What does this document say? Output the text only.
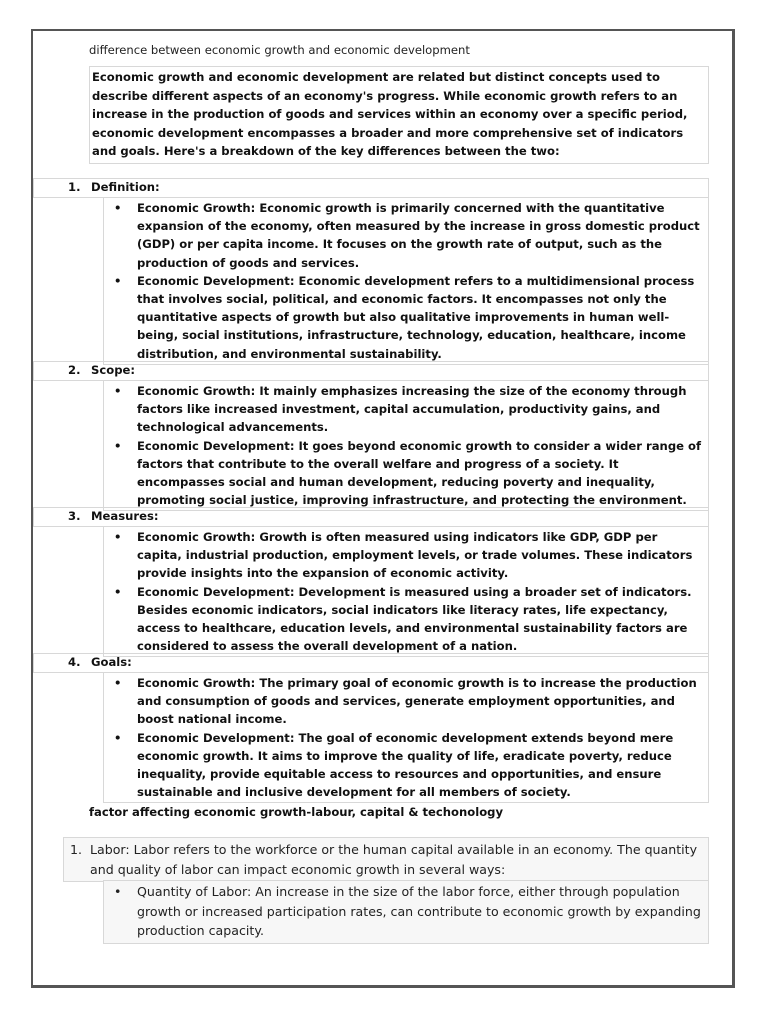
difference between economic growth and economic development
Economic growth and economic development are related but distinct concepts used to describe different aspects of an economy's progress. While economic growth refers to an increase in the production of goods and services within an economy over a specific period, economic development encompasses a broader and more comprehensive set of indicators and goals. Here's a breakdown of the key differences between the two:
1. Definition:
• Economic Growth: Economic growth is primarily concerned with the quantitative expansion of the economy, often measured by the increase in gross domestic product (GDP) or per capita income. It focuses on the growth rate of output, such as the production of goods and services.
• Economic Development: Economic development refers to a multidimensional process that involves social, political, and economic factors. It encompasses not only the quantitative aspects of growth but also qualitative improvements in human well-being, social institutions, infrastructure, technology, education, healthcare, income distribution, and environmental sustainability.
2. Scope:
• Economic Growth: It mainly emphasizes increasing the size of the economy through factors like increased investment, capital accumulation, productivity gains, and technological advancements.
• Economic Development: It goes beyond economic growth to consider a wider range of factors that contribute to the overall welfare and progress of a society. It encompasses social and human development, reducing poverty and inequality, promoting social justice, improving infrastructure, and protecting the environment.
3. Measures:
• Economic Growth: Growth is often measured using indicators like GDP, GDP per capita, industrial production, employment levels, or trade volumes. These indicators provide insights into the expansion of economic activity.
• Economic Development: Development is measured using a broader set of indicators. Besides economic indicators, social indicators like literacy rates, life expectancy, access to healthcare, education levels, and environmental sustainability factors are considered to assess the overall development of a nation.
4. Goals:
• Economic Growth: The primary goal of economic growth is to increase the production and consumption of goods and services, generate employment opportunities, and boost national income.
• Economic Development: The goal of economic development extends beyond mere economic growth. It aims to improve the quality of life, eradicate poverty, reduce inequality, provide equitable access to resources and opportunities, and ensure sustainable and inclusive development for all members of society.
factor affecting economic growth-labour, capital & techonology
1. Labor: Labor refers to the workforce or the human capital available in an economy. The quantity and quality of labor can impact economic growth in several ways:
•	Quantity of Labor: An increase in the size of the labor force, either through population growth or increased participation rates, can contribute to economic growth by expanding production capacity.
